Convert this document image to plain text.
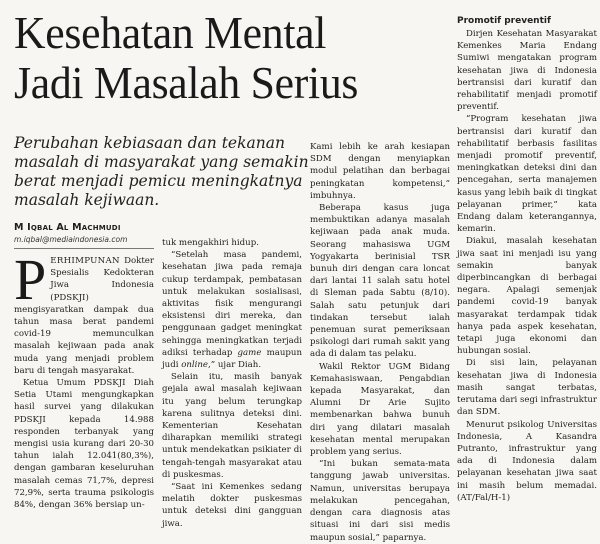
Kesehatan Mental
Jadi Masalah Serius
Perubahan kebiasaan dan tekanan masalah di masyarakat yang semakin berat menjadi pemicu meningkatnya masalah kejiwaan.
M Iqbal Al Machmudi
m.iqbal@mediaindonesia.com

PERHIMPUNAN Dokter Spesialis Kedokteran Jiwa Indonesia (PDSKJI) mengisyaratkan dampak dua tahun masa berat pandemi covid-19 memunculkan masalah kejiwaan pada anak muda yang menjadi problem baru di tengah masyarakat.

Ketua Umum PDSKJI Diah Setia Utami mengungkapkan hasil survei yang dilakukan PDSKJI kepada 14.988 responden terbanyak yang mengisi usia kurang dari 20-30 tahun ialah 12.041(80,3%), dengan gambaran keseluruhan masalah cemas 71,7%, depresi 72,9%, serta trauma psikologis 84%, dengan 36% bersiap un-

tuk mengakhiri hidup.

“Setelah masa pandemi, kesehatan jiwa pada remaja cukup terdampak, pembatasan untuk melakukan sosialisasi, aktivitas fisik mengurangi eksistensi diri mereka, dan penggunaan gadget meningkat sehingga meningkatkan terjadi adiksi terhadap game maupun judi online,” ujar Diah.

Selain itu, masih banyak gejala awal masalah kejiwaan itu yang belum terungkap karena sulitnya deteksi dini. Kementerian Kesehatan diharapkan memiliki strategi untuk mendekatkan psikiater di tengah-tengah masyarakat atau di puskesmas.

“Saat ini Kemenkes sedang melatih dokter puskesmas untuk deteksi dini gangguan jiwa.

Kami lebih ke arah kesiapan SDM dengan menyiapkan modul pelatihan dan berbagai peningkatan kompetensi,” imbuhnya.

Beberapa kasus juga membuktikan adanya masalah kejiwaan pada anak muda. Seorang mahasiswa UGM Yogyakarta berinisial TSR bunuh diri dengan cara loncat dari lantai 11 salah satu hotel di Sleman pada Sabtu (8/10). Salah satu petunjuk dari tindakan tersebut ialah penemuan surat pemeriksaan psikologi dari rumah sakit yang ada di dalam tas pelaku.

Wakil Rektor UGM Bidang Kemahasiswaan, Pengabdian kepada Masyarakat, dan Alumni Dr Arie Sujito membenarkan bahwa bunuh diri yang dilatari masalah kesehatan mental merupakan problem yang serius.

“Ini bukan semata-mata tanggung jawab universitas. Namun, universitas berupaya melakukan pencegahan, dengan cara diagnosis atas situasi ini dari sisi medis maupun sosial,” paparnya.

Promotif preventif

Dirjen Kesehatan Masyarakat Kemenkes Maria Endang Sumiwi mengatakan program kesehatan jiwa di Indonesia bertransisi dari kuratif dan rehabilitatif menjadi promotif preventif.

“Program kesehatan jiwa bertransisi dari kuratif dan rehabilitatif berbasis fasilitas menjadi promotif preventif, meningkatkan deteksi dini dan pencegahan, serta manajemen kasus yang lebih baik di tingkat pelayanan primer,” kata Endang dalam keterangannya, kemarin.

Diakui, masalah kesehatan jiwa saat ini menjadi isu yang semakin banyak diperbincangkan di berbagai negara. Apalagi semenjak pandemi covid-19 banyak masyarakat terdampak tidak hanya pada aspek kesehatan, tetapi juga ekonomi dan hubungan sosial.

Di sisi lain, pelayanan kesehatan jiwa di Indonesia masih sangat terbatas, terutama dari segi infrastruktur dan SDM.

Menurut psikolog Universitas Indonesia, A Kasandra Putranto, infrastruktur yang ada di Indonesia dalam pelayanan kesehatan jiwa saat ini masih belum memadai. (AT/Fal/H-1)
